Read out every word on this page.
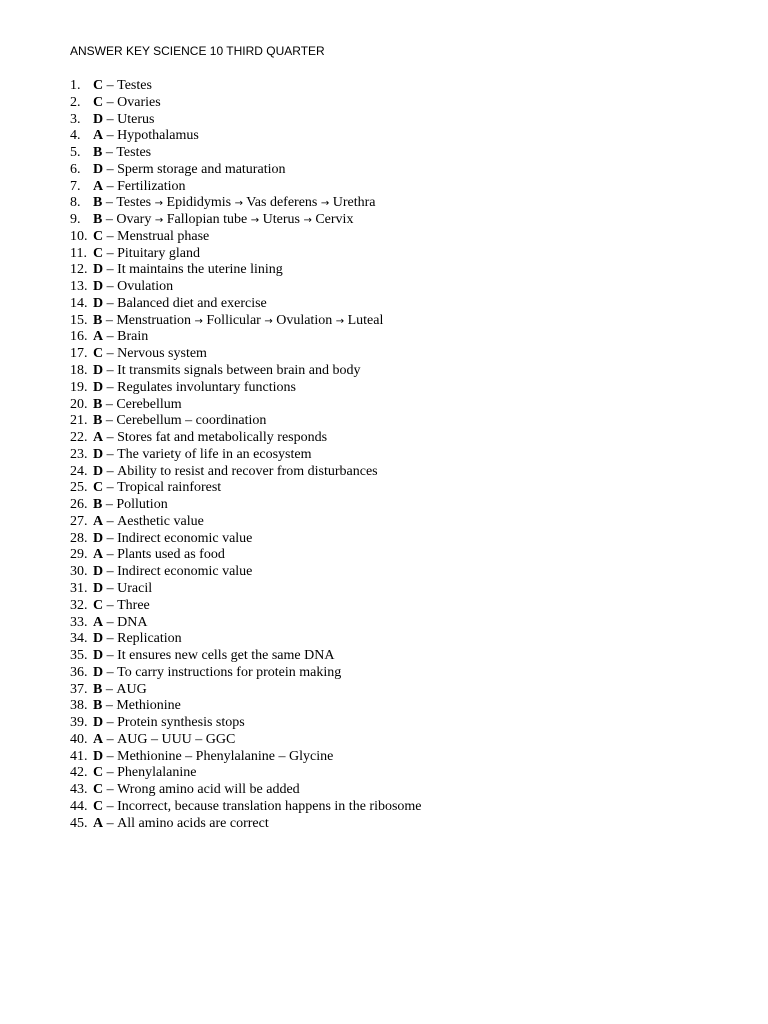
ANSWER KEY SCIENCE 10 THIRD QUARTER
1. C – Testes
2. C – Ovaries
3. D – Uterus
4. A – Hypothalamus
5. B – Testes
6. D – Sperm storage and maturation
7. A – Fertilization
8. B – Testes → Epididymis → Vas deferens → Urethra
9. B – Ovary → Fallopian tube → Uterus → Cervix
10. C – Menstrual phase
11. C – Pituitary gland
12. D – It maintains the uterine lining
13. D – Ovulation
14. D – Balanced diet and exercise
15. B – Menstruation → Follicular → Ovulation → Luteal
16. A – Brain
17. C – Nervous system
18. D – It transmits signals between brain and body
19. D – Regulates involuntary functions
20. B – Cerebellum
21. B – Cerebellum – coordination
22. A – Stores fat and metabolically responds
23. D – The variety of life in an ecosystem
24. D – Ability to resist and recover from disturbances
25. C – Tropical rainforest
26. B – Pollution
27. A – Aesthetic value
28. D – Indirect economic value
29. A – Plants used as food
30. D – Indirect economic value
31. D – Uracil
32. C – Three
33. A – DNA
34. D – Replication
35. D – It ensures new cells get the same DNA
36. D – To carry instructions for protein making
37. B – AUG
38. B – Methionine
39. D – Protein synthesis stops
40. A – AUG – UUU – GGC
41. D – Methionine – Phenylalanine – Glycine
42. C – Phenylalanine
43. C – Wrong amino acid will be added
44. C – Incorrect, because translation happens in the ribosome
45. A – All amino acids are correct
